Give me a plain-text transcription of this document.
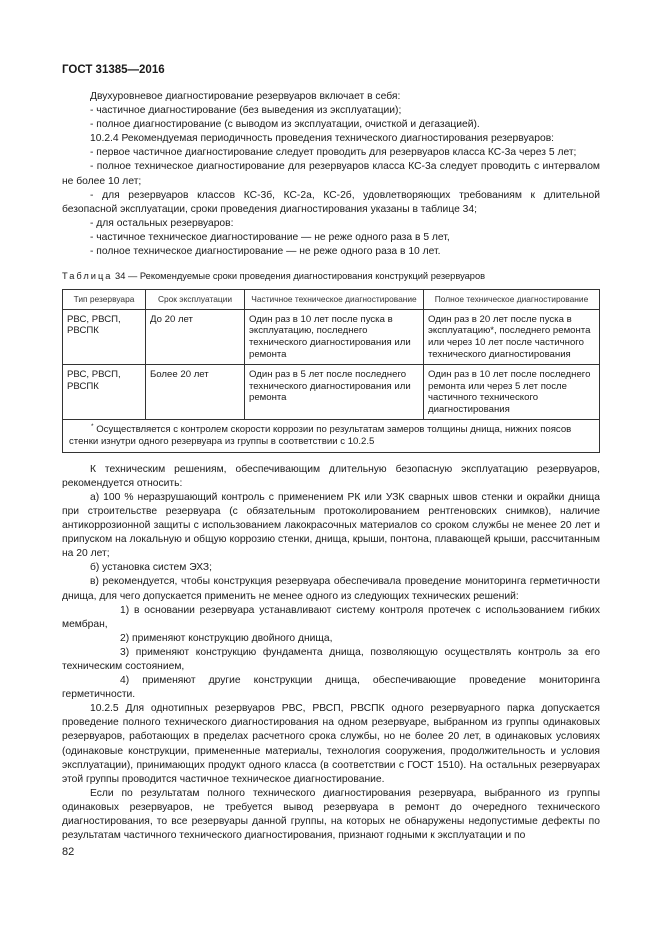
ГОСТ 31385—2016

Двухуровневое диагностирование резервуаров включает в себя:

- частичное диагностирование (без выведения из эксплуатации);

- полное диагностирование (с выводом из эксплуатации, очисткой и дегазацией).

10.2.4 Рекомендуемая периодичность проведения технического диагностирования резервуаров:

- первое частичное диагностирование следует проводить для резервуаров класса КС-3а через 5 лет;

- полное техническое диагностирование для резервуаров класса КС-3а следует проводить с интервалом не более 10 лет;

- для резервуаров классов КС-3б, КС-2а, КС-2б, удовлетворяющих требованиям к длительной безопасной эксплуатации, сроки проведения диагностирования указаны в таблице 34;

- для остальных резервуаров:

- частичное техническое диагностирование — не реже одного раза в 5 лет,

- полное техническое диагностирование — не реже одного раза в 10 лет.

Таблица 34 — Рекомендуемые сроки проведения диагностирования конструкций резервуаров

Тип резервуара	Срок эксплуатации	Частичное техническое диагностирование	Полное техническое диагностирование
РВС, РВСП, РВСПК	До 20 лет	Один раз в 10 лет после пуска в эксплуатацию, последнего технического диагностирования или ремонта	Один раз в 20 лет после пуска в эксплуатацию*, последнего ремонта или через 10 лет после частичного технического диагностирования
РВС, РВСП, РВСПК	Более 20 лет	Один раз в 5 лет после последнего технического диагностирования или ремонта	Один раз в 10 лет после последнего ремонта или через 5 лет после частичного технического диагностирования
* Осуществляется с контролем скорости коррозии по результатам замеров толщины днища, нижних поясов стенки изнутри одного резервуара из группы в соответствии с 10.2.5			

К техническим решениям, обеспечивающим длительную безопасную эксплуатацию резервуаров, рекомендуется относить:

а) 100 % неразрушающий контроль с применением РК или УЗК сварных швов стенки и окрайки днища при строительстве резервуара (с обязательным протоколированием рентгеновских снимков), наличие антикоррозионной защиты с использованием лакокрасочных материалов со сроком службы не менее 20 лет и припуском на локальную и общую коррозию стенки, днища, крыши, понтона, плавающей крыши, рассчитанным на 20 лет;

б) установка систем ЭХЗ;

в) рекомендуется, чтобы конструкция резервуара обеспечивала проведение мониторинга герметичности днища, для чего допускается применить не менее одного из следующих технических решений:

1) в основании резервуара устанавливают систему контроля протечек с использованием гибких мембран,

2) применяют конструкцию двойного днища,

3) применяют конструкцию фундамента днища, позволяющую осуществлять контроль за его техническим состоянием,

4) применяют другие конструкции днища, обеспечивающие проведение мониторинга герметичности.

10.2.5 Для однотипных резервуаров РВС, РВСП, РВСПК одного резервуарного парка допускается проведение полного технического диагностирования на одном резервуаре, выбранном из группы одинаковых резервуаров, работающих в пределах расчетного срока службы, но не более 20 лет, в одинаковых условиях (одинаковые конструкции, примененные материалы, технология сооружения, продолжительность и условия эксплуатации), принимающих продукт одного класса (в соответствии с ГОСТ 1510). На остальных резервуарах этой группы проводится частичное техническое диагностирование.

Если по результатам полного технического диагностирования резервуара, выбранного из группы одинаковых резервуаров, не требуется вывод резервуара в ремонт до очередного технического диагностирования, то все резервуары данной группы, на которых не обнаружены недопустимые дефекты по результатам частичного технического диагностирования, признают годными к эксплуатации и по

82
